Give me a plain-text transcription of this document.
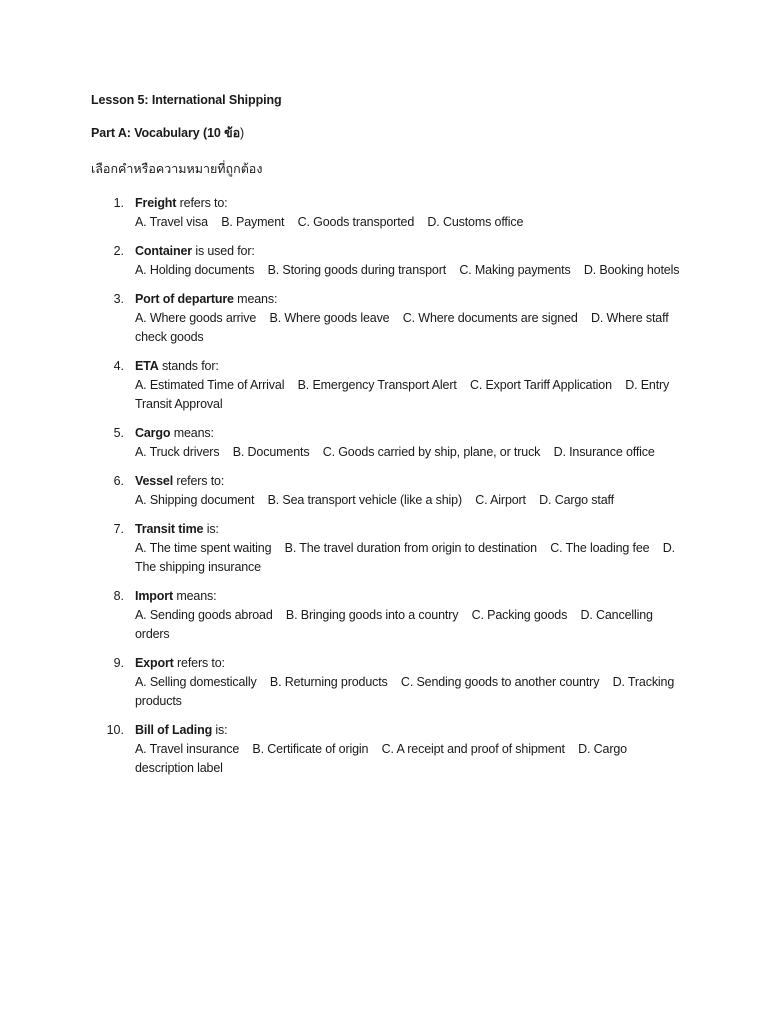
Lesson 5: International Shipping
Part A: Vocabulary (10 ข้อ)
เลือกคำหรือความหมายที่ถูกต้อง
1. Freight refers to:
A. Travel visa    B. Payment    C. Goods transported    D. Customs office
2. Container is used for:
A. Holding documents    B. Storing goods during transport    C. Making payments    D. Booking hotels
3. Port of departure means:
A. Where goods arrive    B. Where goods leave    C. Where documents are signed    D. Where staff check goods
4. ETA stands for:
A. Estimated Time of Arrival    B. Emergency Transport Alert    C. Export Tariff Application    D. Entry Transit Approval
5. Cargo means:
A. Truck drivers    B. Documents    C. Goods carried by ship, plane, or truck    D. Insurance office
6. Vessel refers to:
A. Shipping document    B. Sea transport vehicle (like a ship)    C. Airport    D. Cargo staff
7. Transit time is:
A. The time spent waiting    B. The travel duration from origin to destination    C. The loading fee    D. The shipping insurance
8. Import means:
A. Sending goods abroad    B. Bringing goods into a country    C. Packing goods    D. Cancelling orders
9. Export refers to:
A. Selling domestically    B. Returning products    C. Sending goods to another country    D. Tracking products
10. Bill of Lading is:
A. Travel insurance    B. Certificate of origin    C. A receipt and proof of shipment    D. Cargo description label
